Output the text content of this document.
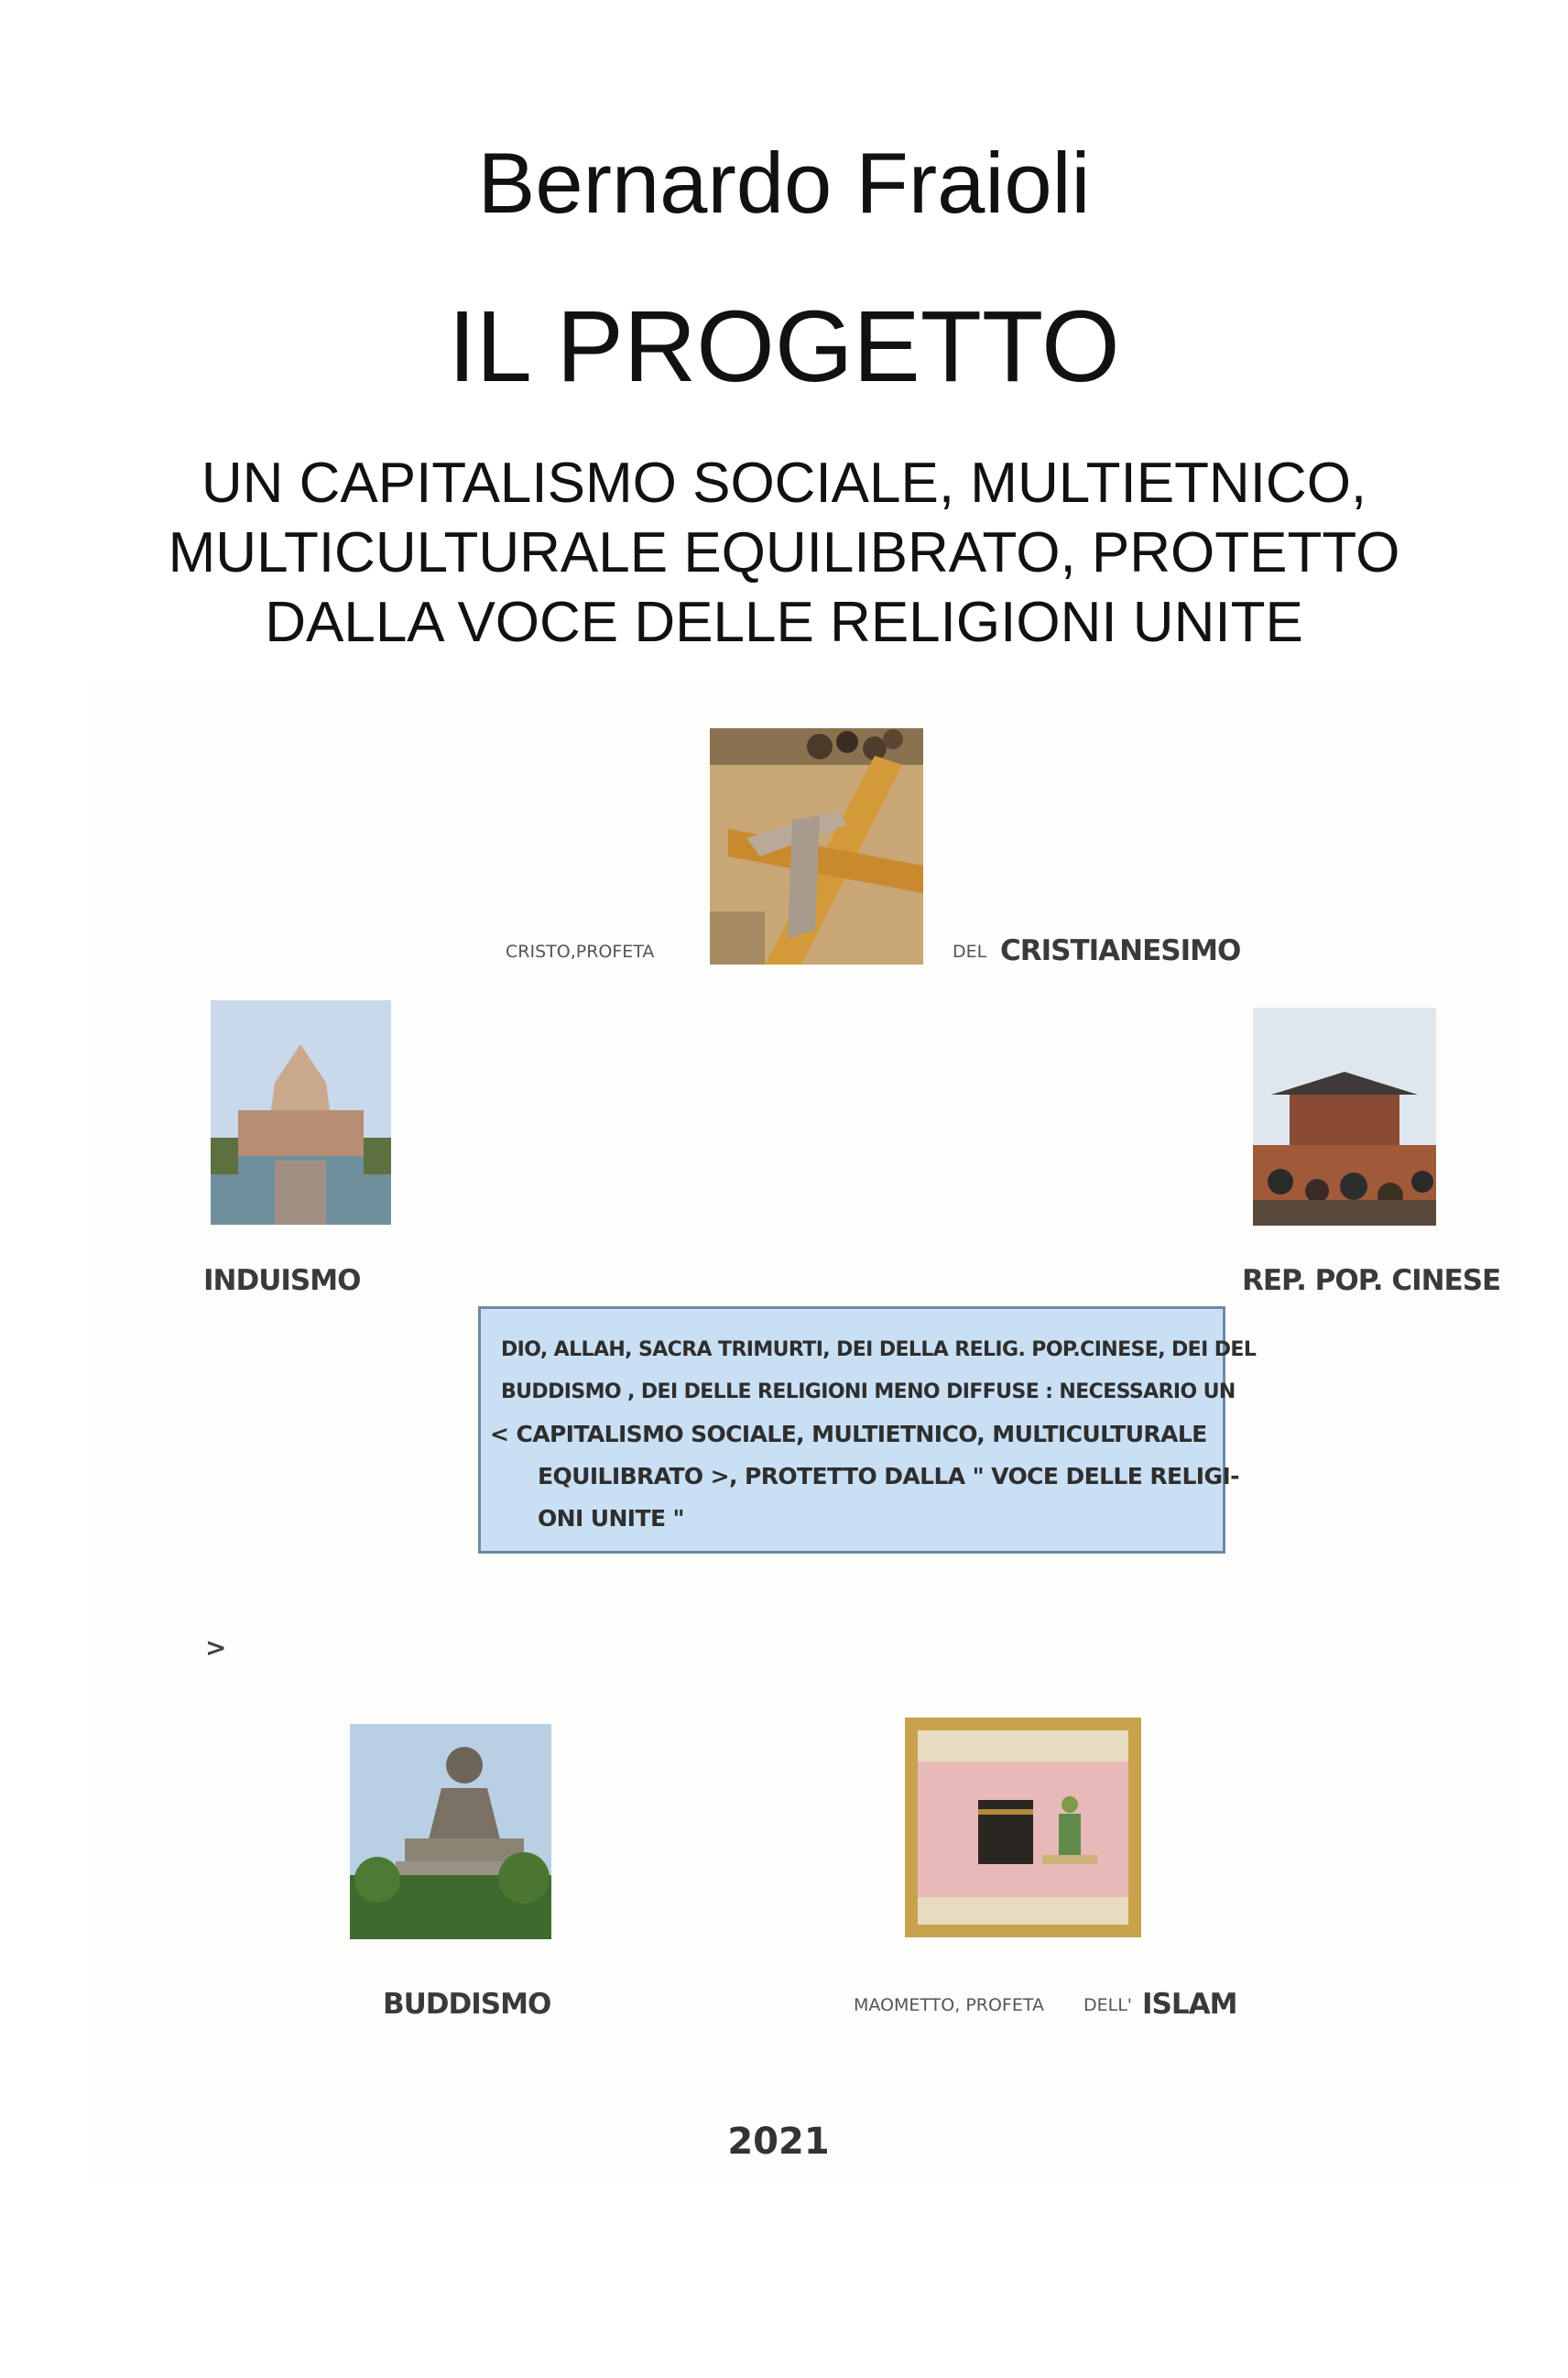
Bernardo Fraioli
IL PROGETTO
UN CAPITALISMO SOCIALE, MULTIETNICO,
MULTICULTURALE EQUILIBRATO, PROTETTO
DALLA VOCE DELLE RELIGIONI UNITE
CRISTO,PROFETA	DEL CRISTIANESIMO
INDUISMO	REP. POP. CINESE
DIO, ALLAH, SACRA TRIMURTI, DEI DELLA RELIG. POP.CINESE, DEI DEL
BUDDISMO , DEI DELLE RELIGIONI MENO DIFFUSE : NECESSARIO UN
< CAPITALISMO SOCIALE, MULTIETNICO, MULTICULTURALE
EQUILIBRATO >, PROTETTO DALLA " VOCE DELLE RELIGI-
ONI UNITE "
>
BUDDISMO	MAOMETTO, PROFETA DELL' ISLAM
2021
